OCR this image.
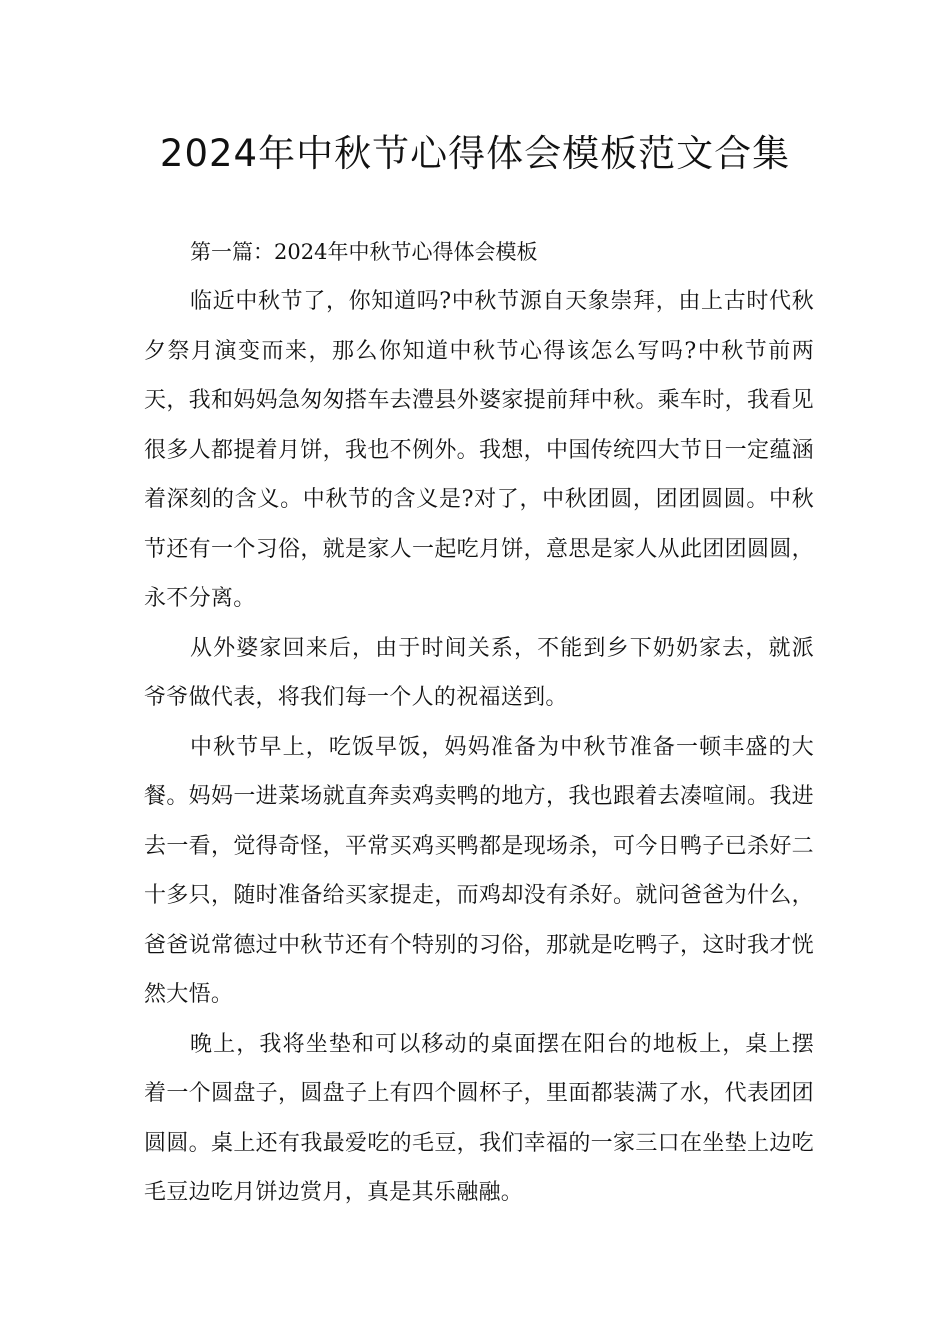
2024年中秋节心得体会模板范文合集

第一篇：2024年中秋节心得体会模板

临近中秋节了，你知道吗?中秋节源自天象崇拜，由上古时代秋夕祭月演变而来，那么你知道中秋节心得该怎么写吗?中秋节前两天，我和妈妈急匆匆搭车去澧县外婆家提前拜中秋。乘车时，我看见很多人都提着月饼，我也不例外。我想，中国传统四大节日一定蕴涵着深刻的含义。中秋节的含义是?对了，中秋团圆，团团圆圆。中秋节还有一个习俗，就是家人一起吃月饼，意思是家人从此团团圆圆，永不分离。

从外婆家回来后，由于时间关系，不能到乡下奶奶家去，就派爷爷做代表，将我们每一个人的祝福送到。

中秋节早上，吃饭早饭，妈妈准备为中秋节准备一顿丰盛的大餐。妈妈一进菜场就直奔卖鸡卖鸭的地方，我也跟着去凑喧闹。我进去一看，觉得奇怪，平常买鸡买鸭都是现场杀，可今日鸭子已杀好二十多只，随时准备给买家提走，而鸡却没有杀好。就问爸爸为什么，爸爸说常德过中秋节还有个特别的习俗，那就是吃鸭子，这时我才恍然大悟。

晚上，我将坐垫和可以移动的桌面摆在阳台的地板上，桌上摆着一个圆盘子，圆盘子上有四个圆杯子，里面都装满了水，代表团团圆圆。桌上还有我最爱吃的毛豆，我们幸福的一家三口在坐垫上边吃毛豆边吃月饼边赏月，真是其乐融融。
